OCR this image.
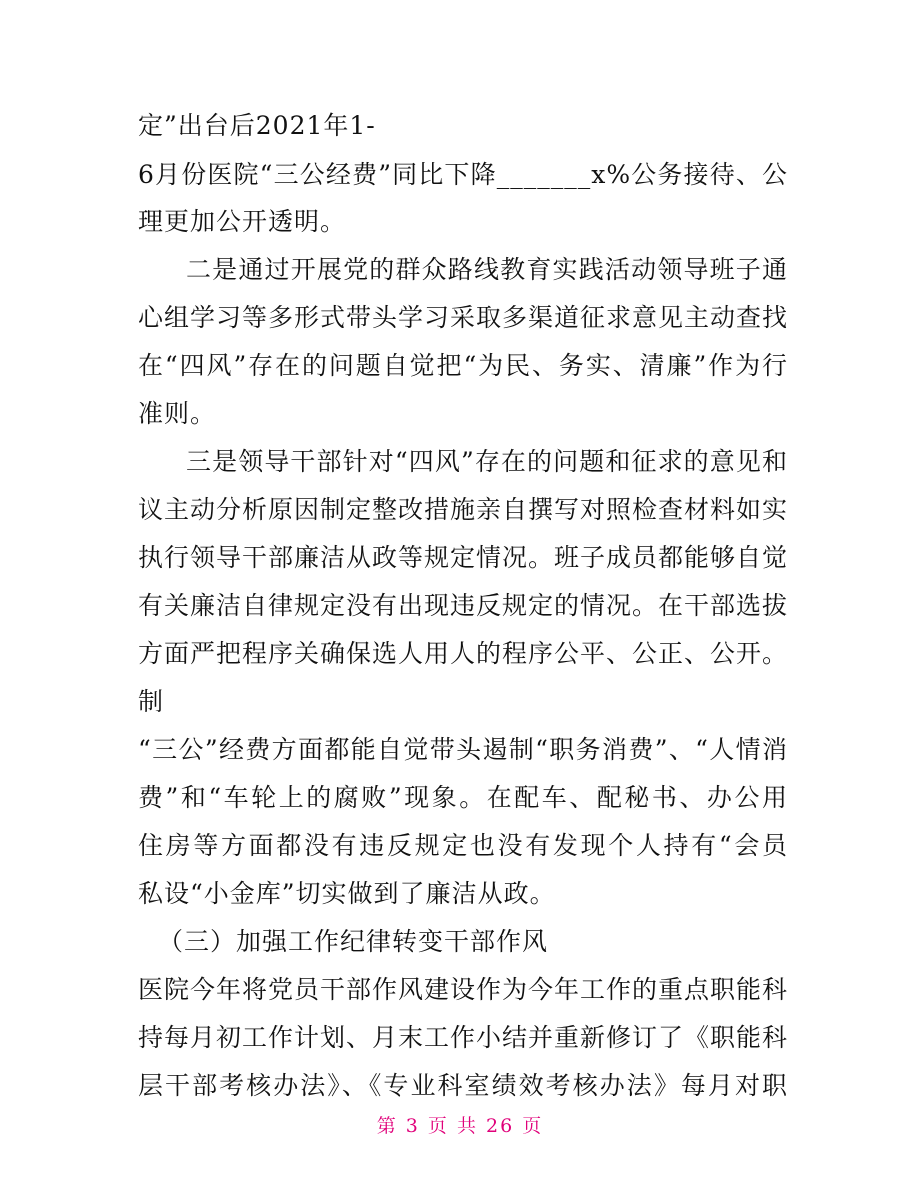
定”出台后2021年1-
6月份医院“三公经费”同比下降_______x%公务接待、公
理更加公开透明。
二是通过开展党的群众路线教育实践活动领导班子通
心组学习等多形式带头学习采取多渠道征求意见主动查找
在“四风”存在的问题自觉把“为民、务实、清廉”作为行
准则。
三是领导干部针对“四风”存在的问题和征求的意见和
议主动分析原因制定整改措施亲自撰写对照检查材料如实
执行领导干部廉洁从政等规定情况。班子成员都能够自觉
有关廉洁自律规定没有出现违反规定的情况。在干部选拔
方面严把程序关确保选人用人的程序公平、公正、公开。
制
“三公”经费方面都能自觉带头遏制“职务消费”、“人情消
费”和“车轮上的腐败”现象。在配车、配秘书、办公用
住房等方面都没有违反规定也没有发现个人持有“会员
私设“小金库”切实做到了廉洁从政。
（三）加强工作纪律转变干部作风
医院今年将党员干部作风建设作为今年工作的重点职能科
持每月初工作计划、月末工作小结并重新修订了《职能科
层干部考核办法》、《专业科室绩效考核办法》每月对职
第 3 页 共 26 页
